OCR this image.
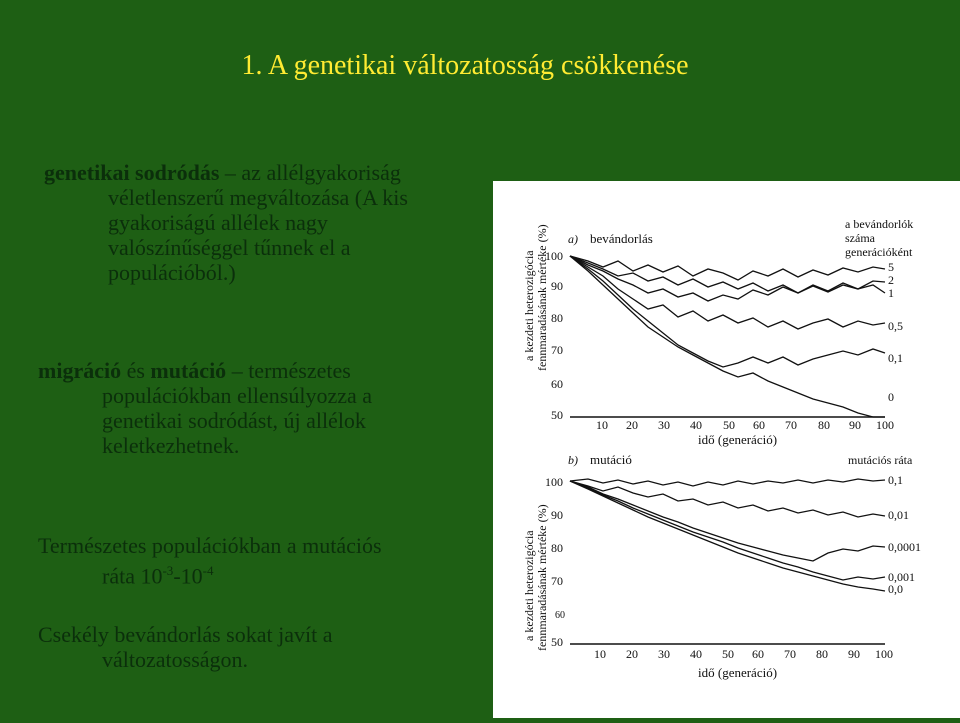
1. A genetikai változatosság csökkenése
genetikai sodródás – az allélgyakoriság
véletlenszerű megváltozása (A kis
gyakoriságú allélek nagy
valószínűséggel tűnnek el a
populációból.)
migráció és mutáció – természetes
populációkban ellensúlyozza a
genetikai sodródást, új allélok
keletkezhetnek.
Természetes populációkban a mutációs
ráta $10^{-3}-10^{-4}$
Csekély bevándorlás sokat javít a
változatosságon.
a) bevándorlás
a bevándorlók
száma
generációként
a kezdeti heterozigócia fennmaradásának mértéke (%)
100
90
80
70
60
50
10 20 30 40 50 60 70 80 90 100
idő (generáció)
5
2
1
0,5
0,1
0
b) mutáció	mutációs ráta
a kezdeti heterozigócia fennmaradásának mértéke (%)
100
90
80
70
60
50
10 20 30 40 50 60 70 80 90 100
idő (generáció)
0,1
0,01
0,0001
0,001
0,0
